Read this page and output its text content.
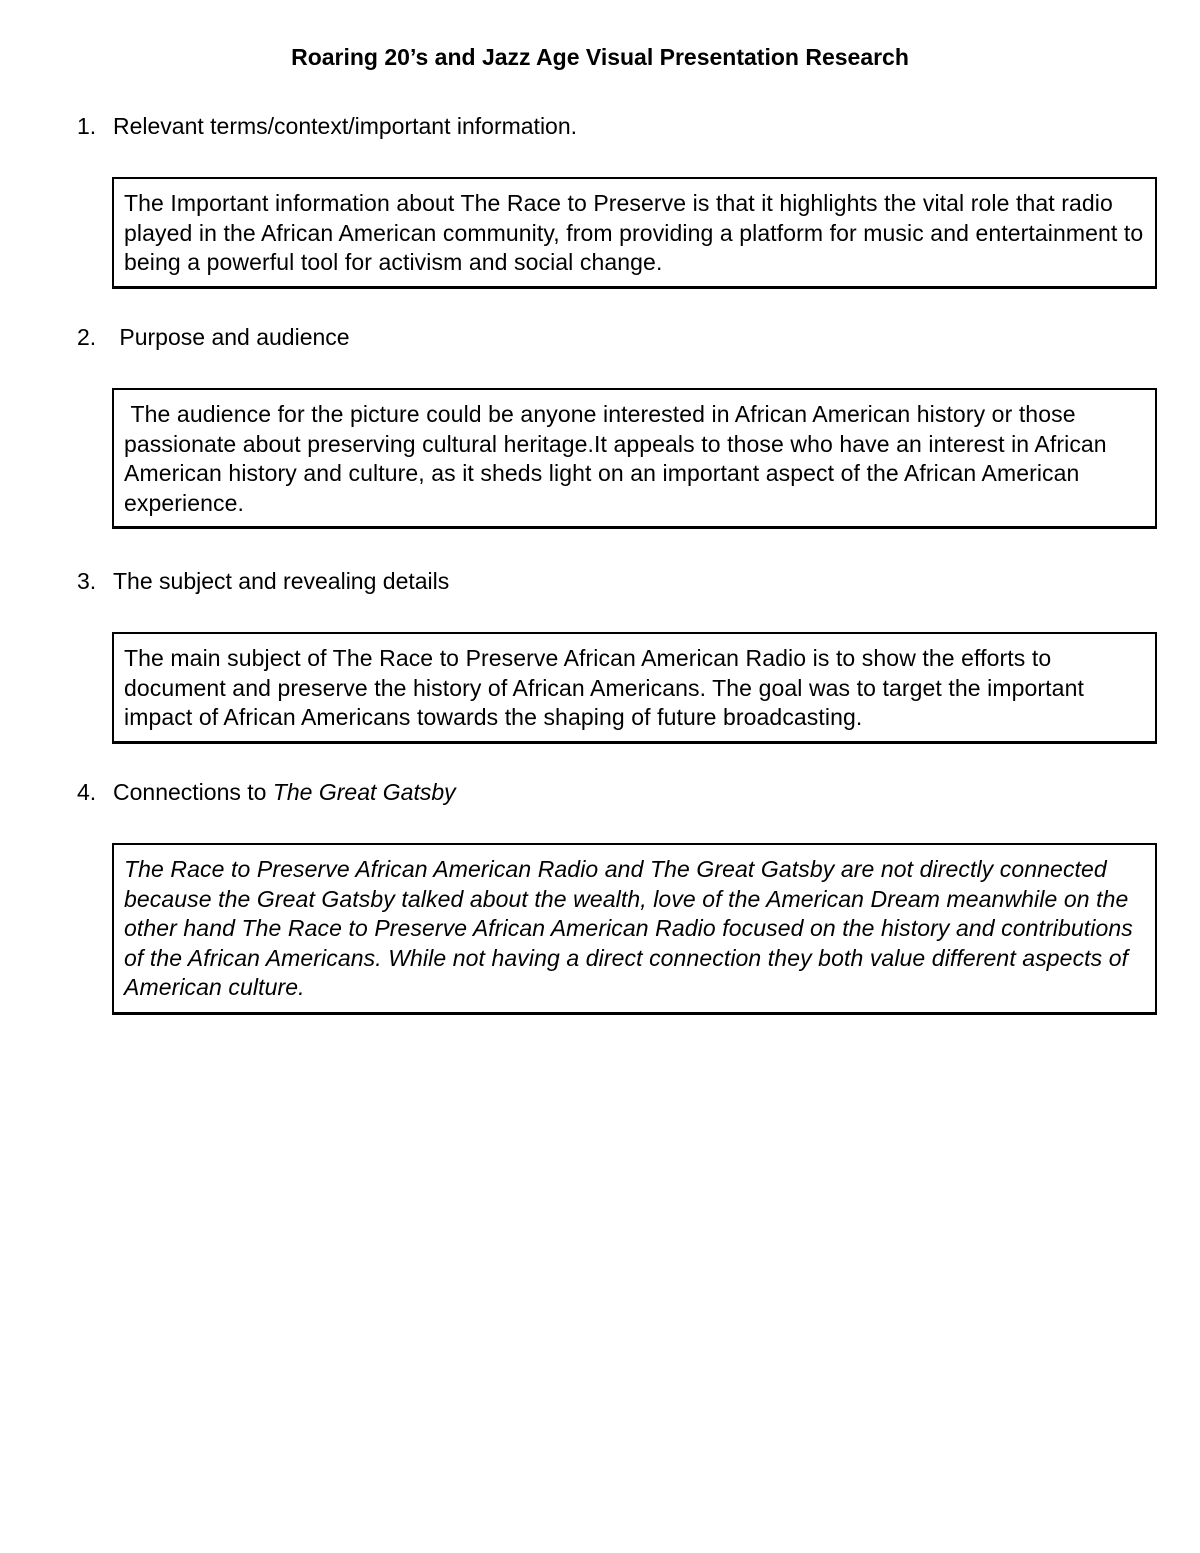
Roaring 20’s and Jazz Age Visual Presentation Research
1. Relevant terms/context/important information.
The Important information about The Race to Preserve is that it highlights the vital role that radio played in the African American community, from providing a platform for music and entertainment to being a powerful tool for activism and social change.
2. Purpose and audience
The audience for the picture could be anyone interested in African American history or those passionate about preserving cultural heritage.It appeals to those who have an interest in African American history and culture, as it sheds light on an important aspect of the African American experience.
3. The subject and revealing details
The main subject of The Race to Preserve African American Radio is to show the efforts to document and preserve the history of African Americans. The goal was to target the important impact of African Americans towards the shaping of future broadcasting.
4. Connections to The Great Gatsby
The Race to Preserve African American Radio and The Great Gatsby are not directly connected because the Great Gatsby talked about the wealth, love of the American Dream meanwhile on the other hand The Race to Preserve African American Radio focused on the history and contributions of the African Americans. While not having a direct connection they both value different aspects of American culture.
